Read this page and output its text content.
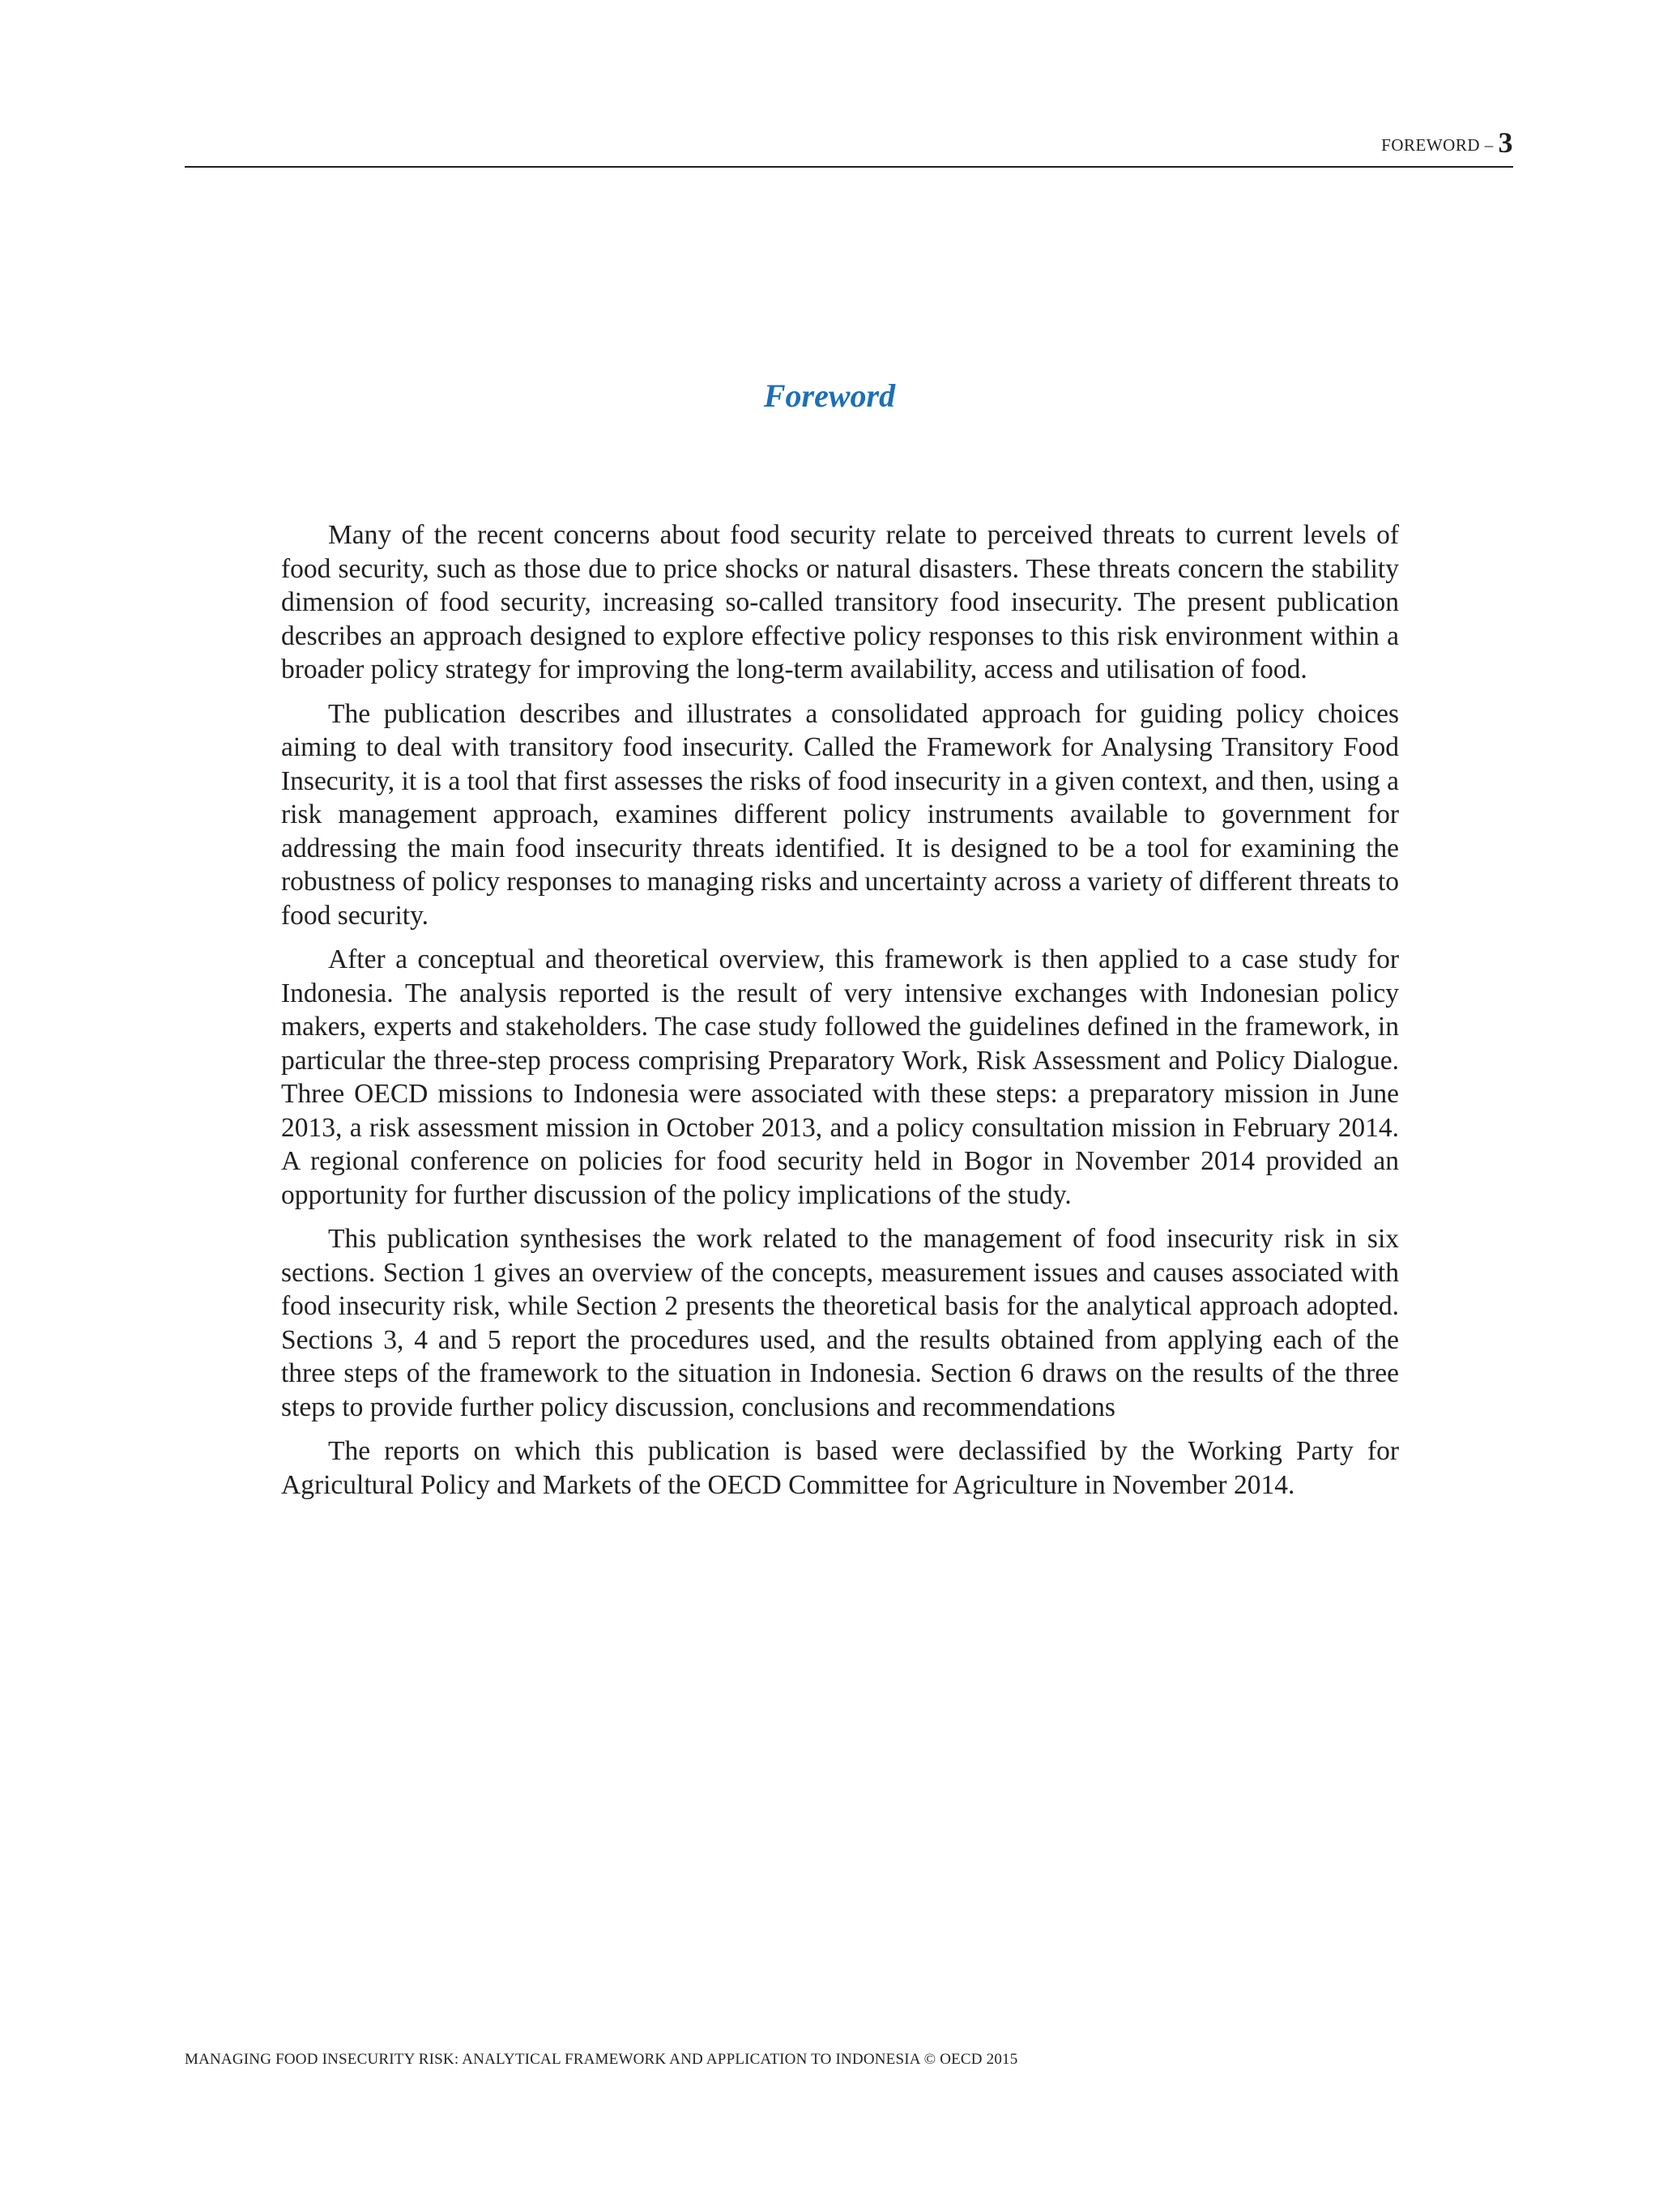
FOREWORD – 3
Foreword

Many of the recent concerns about food security relate to perceived threats to current levels of food security, such as those due to price shocks or natural disasters. These threats concern the stability dimension of food security, increasing so-called transitory food insecurity. The present publication describes an approach designed to explore effective policy responses to this risk environment within a broader policy strategy for improving the long-term availability, access and utilisation of food.

The publication describes and illustrates a consolidated approach for guiding policy choices aiming to deal with transitory food insecurity. Called the Framework for Analysing Transitory Food Insecurity, it is a tool that first assesses the risks of food insecurity in a given context, and then, using a risk management approach, examines different policy instruments available to government for addressing the main food insecurity threats identified. It is designed to be a tool for examining the robustness of policy responses to managing risks and uncertainty across a variety of different threats to food security.

After a conceptual and theoretical overview, this framework is then applied to a case study for Indonesia. The analysis reported is the result of very intensive exchanges with Indonesian policy makers, experts and stakeholders. The case study followed the guidelines defined in the framework, in particular the three-step process comprising Preparatory Work, Risk Assessment and Policy Dialogue. Three OECD missions to Indonesia were associated with these steps: a preparatory mission in June 2013, a risk assessment mission in October 2013, and a policy consultation mission in February 2014. A regional conference on policies for food security held in Bogor in November 2014 provided an opportunity for further discussion of the policy implications of the study.

This publication synthesises the work related to the management of food insecurity risk in six sections. Section 1 gives an overview of the concepts, measurement issues and causes associated with food insecurity risk, while Section 2 presents the theoretical basis for the analytical approach adopted. Sections 3, 4 and 5 report the procedures used, and the results obtained from applying each of the three steps of the framework to the situation in Indonesia. Section 6 draws on the results of the three steps to provide further policy discussion, conclusions and recommendations

The reports on which this publication is based were declassified by the Working Party for Agricultural Policy and Markets of the OECD Committee for Agriculture in November 2014.

MANAGING FOOD INSECURITY RISK: ANALYTICAL FRAMEWORK AND APPLICATION TO INDONESIA © OECD 2015
